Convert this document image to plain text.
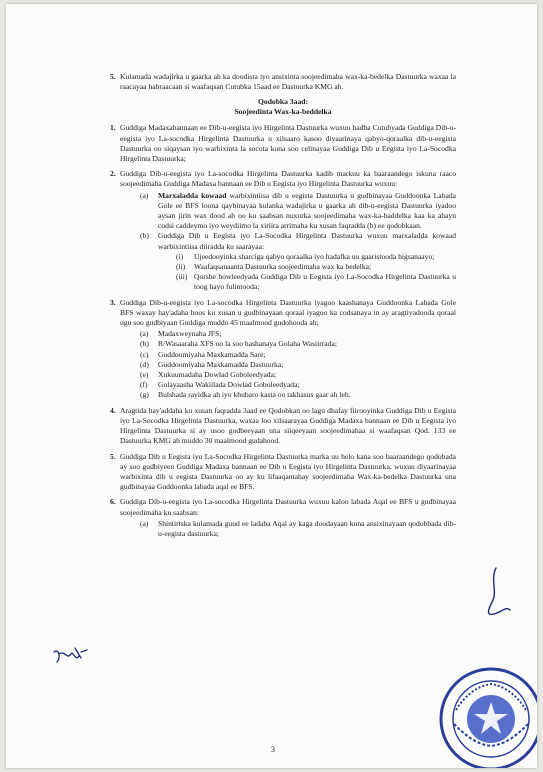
5. Kulamada wadajirka u gaarka ah ka doodista iyo ansixinta soojeedimaha wax-ka-bedelka Dastuurka waxaa la raacayaa habraacaan si waafaqsan Cutubka 15aad ee Dastuurka KMG ah.
Qodobka 3aad:
Soojeedinta Wax-ka-beddelka
1. Guddiga Madaxabannaan ee Dib-u-eegista iyo Hirgelinta Dastuurka wuxuu hadba Cutubyada Guddiga Dib-u-eegista iyo La-socodka Hirgelinta Dastuurka u xilsaaro kasoo diyaarinaya qabyo-qoraalka dib-u-eegista Dastuurka oo siqaysan iyo warbixinta la socota kuna soo celinayaa Guddiga Dib u Eegista iyo La-Socodka Hirgelinta Dastuurka;
2. Guddiga Dib-u-eegista iyo La-socodka Hirgelinta Dastuurka kadib markuu ka baaraandego iskuna raaco soojeedimaha Guddiga Madaxa bannaan ee Dib u Eegista iyo Hirgelinta Dastuurka wuxuu:
(a) Marxaladda kowaad warbixintiisa dib u eegista Dastuurka u gudbinayaa Guddoonka Labada Gole ee BFS loona qaybinayaa kulanka wadajirka u gaarka ah dib-u-eegista Dastuurka iyadoo aysan jirin wax dood ah oo ku saabsan nuxurka soojeedimaha wax-ka-baddelka kaa ka ahayn codsi caddeymo iyo weydiimo la xiriira arrimaha ku xusan faqradda (b) ee qodobkaan.
(b) Guddiga Dib u Eegista iyo La-Socodka Hirgelinta Dastuurka wuxuu marxaladda kowaad warbixintiisa diiradda ku saarayaa:
(i) Ujeedooyinka sharciga qabyo qoraalka iyo hadafka uu gaaristooda higsanaayo;
(ii) Waafaqsanaanta Dastuurka soojeedimaha wax ka bedelka;
(iii) Qorshe howleedyada Guddiga Dib u Eegista iyo La-Socodka Hirgelinta Dastuurka u toog hayo fulintooda;
3. Guddiga Dib-u-eegista iyo La-socodka Hirgelinta Dastuurka iyagoo kaashanaya Guddoonka Labada Gole BFS waxay hay'adaha hoos ku xusan u gudbinayaan qoraal iyagoo ka codsanaya in ay aragtiyadooda qoraal ugu soo gudbiyaan Guddiga muddo 45 maalmood gudohooda ah;
(a) Madaxweynaha JFS;
(b) R/Wasaaraha XFS oo la soo hashanaya Golaha Wasiirrada;
(c) Guddoomiyaha Maxkamadda Sare;
(d) Guddoomiyaha Maxkamadda Dastuurka;
(e) Xukuumadaha Dowlad Goboleedyada;
(f) Golayaasha Wakiilada Dowlad Goboleedyada;
(g) Bulshada rayidka ah iyo khubaro kasta oo takhasus gaar ah leh.
4. Aragtida hay'addaha ku xusan faqradda 3aad ee Qodobkan oo lagu dhafay fiirooyinka Guddiga Dib u Eegista iyo La-Socodka Hirgelinta Dastuurka, waxaa loo xilsaarayaa Guddiga Madaxa bannaan ee Dib u Eegista iyo Hirgelinta Dastuurka si ay usoo godbeeyaan una siiqeeyaan soojeedimahaa si waafaqsan Qod. 133 ee Dastuurka KMG ah muddo 30 maalmood gudahood.
5. Guddiga Dib u Eegista iyo La-Socodka Hirgelinta Dastuurka marka uu helo kana soo baaraandego qodobada ay soo gudbiyeen Guddiga Madaxa bannaan ee Dib u Eegista iyo Hirgelinta Dastuurka, wuxuu diyaarinayaa warbixinta dib u eegista Dastuurka oo ay ku lifaaqantahay soojeedimaha Wax-ka-bedelka Dastuurka una gudbinayaa Guddoonka labada aqal ee BFS.
6. Guddiga Dib-u-eegista iyo La-socodka Hirgelinta Dastuurka wuxuu kaloo labada Aqal ee BFS u gudbinayaa soojeedimaha ku saabsan:
(a) Shintiriska kulamada guud ee ladaba Aqal ay kaga doodayaan kuna ansixinayaan qodobbada dib-u-eegista dastuurka;
3
